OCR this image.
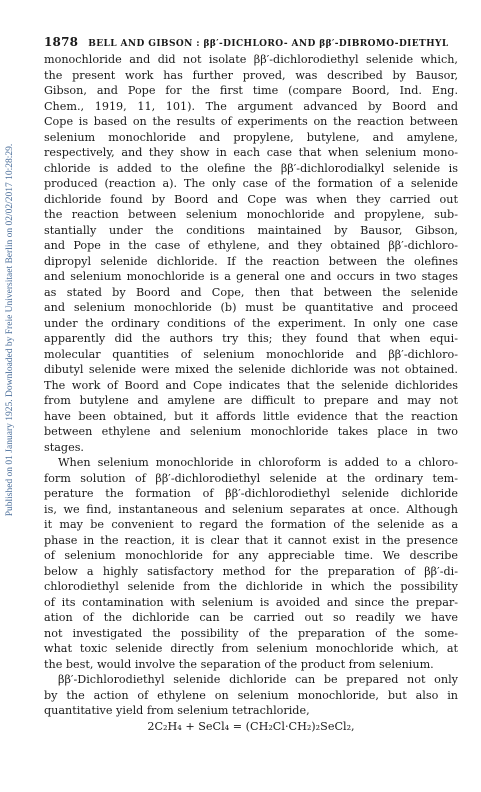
Published on 01 January 1925. Downloaded by Freie Universitaet Berlin on 02/02/2017 10:28:29.
1878 BELL AND GIBSON : ββ′-DICHLORO- AND ββ′-DIBROMO-DIETHYL
monochloride and did not isolate ββ′-dichlorodiethyl selenide which,
the present work has further proved, was described by Bausor,
Gibson, and Pope for the first time (compare Boord, Ind. Eng.
Chem., 1919, 11, 101). The argument advanced by Boord and
Cope is based on the results of experiments on the reaction between
selenium monochloride and propylene, butylene, and amylene,
respectively, and they show in each case that when selenium mono-
chloride is added to the olefine the ββ′-dichlorodialkyl selenide is
produced (reaction a). The only case of the formation of a selenide
dichloride found by Boord and Cope was when they carried out
the reaction between selenium monochloride and propylene, sub-
stantially under the conditions maintained by Bausor, Gibson,
and Pope in the case of ethylene, and they obtained ββ′-dichloro-
dipropyl selenide dichloride. If the reaction between the olefines
and selenium monochloride is a general one and occurs in two stages
as stated by Boord and Cope, then that between the selenide
and selenium monochloride (b) must be quantitative and proceed
under the ordinary conditions of the experiment. In only one case
apparently did the authors try this; they found that when equi-
molecular quantities of selenium monochloride and ββ′-dichloro-
dibutyl selenide were mixed the selenide dichloride was not obtained.
The work of Boord and Cope indicates that the selenide dichlorides
from butylene and amylene are difficult to prepare and may not
have been obtained, but it affords little evidence that the reaction
between ethylene and selenium monochloride takes place in two
stages.
When selenium monochloride in chloroform is added to a chloro-
form solution of ββ′-dichlorodiethyl selenide at the ordinary tem-
perature the formation of ββ′-dichlorodiethyl selenide dichloride
is, we find, instantaneous and selenium separates at once. Although
it may be convenient to regard the formation of the selenide as a
phase in the reaction, it is clear that it cannot exist in the presence
of selenium monochloride for any appreciable time. We describe
below a highly satisfactory method for the preparation of ββ′-di-
chlorodiethyl selenide from the dichloride in which the possibility
of its contamination with selenium is avoided and since the prepar-
ation of the dichloride can be carried out so readily we have
not investigated the possibility of the preparation of the some-
what toxic selenide directly from selenium monochloride which, at
the best, would involve the separation of the product from selenium.
ββ′-Dichlorodiethyl selenide dichloride can be prepared not only
by the action of ethylene on selenium monochloride, but also in
quantitative yield from selenium tetrachloride,
2C₂H₄ + SeCl₄ = (CH₂Cl·CH₂)₂SeCl₂,
